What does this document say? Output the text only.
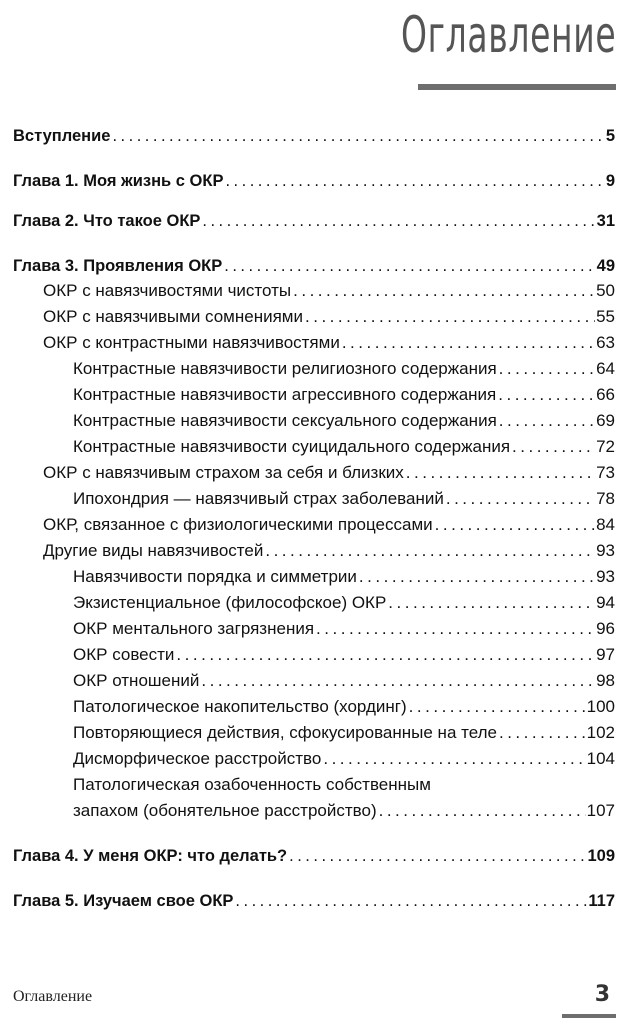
Оглавление
Вступление .....	5
Глава 1. Моя жизнь с ОКР .....	9
Глава 2. Что такое ОКР .....	31
Глава 3. Проявления ОКР .....	49
ОКР с навязчивостями чистоты .....	50
ОКР с навязчивыми сомнениями .....	55
ОКР с контрастными навязчивостями .....	63
Контрастные навязчивости религиозного содержания .....	64
Контрастные навязчивости агрессивного содержания .....	66
Контрастные навязчивости сексуального содержания .....	69
Контрастные навязчивости суицидального содержания .....	72
ОКР с навязчивым страхом за себя и близких .....	73
Ипохондрия — навязчивый страх заболеваний .....	78
ОКР, связанное с физиологическими процессами .....	84
Другие виды навязчивостей .....	93
Навязчивости порядка и симметрии .....	93
Экзистенциальное (философское) ОКР .....	94
ОКР ментального загрязнения .....	96
ОКР совести .....	97
ОКР отношений .....	98
Патологическое накопительство (хординг) .....	100
Повторяющиеся действия, сфокусированные на теле .....	102
Дисморфическое расстройство .....	104
Патологическая озабоченность собственным
запахом (обонятельное расстройство) .....	107
Глава 4. У меня ОКР: что делать? .....	109
Глава 5. Изучаем свое ОКР .....	117
Оглавление	3
